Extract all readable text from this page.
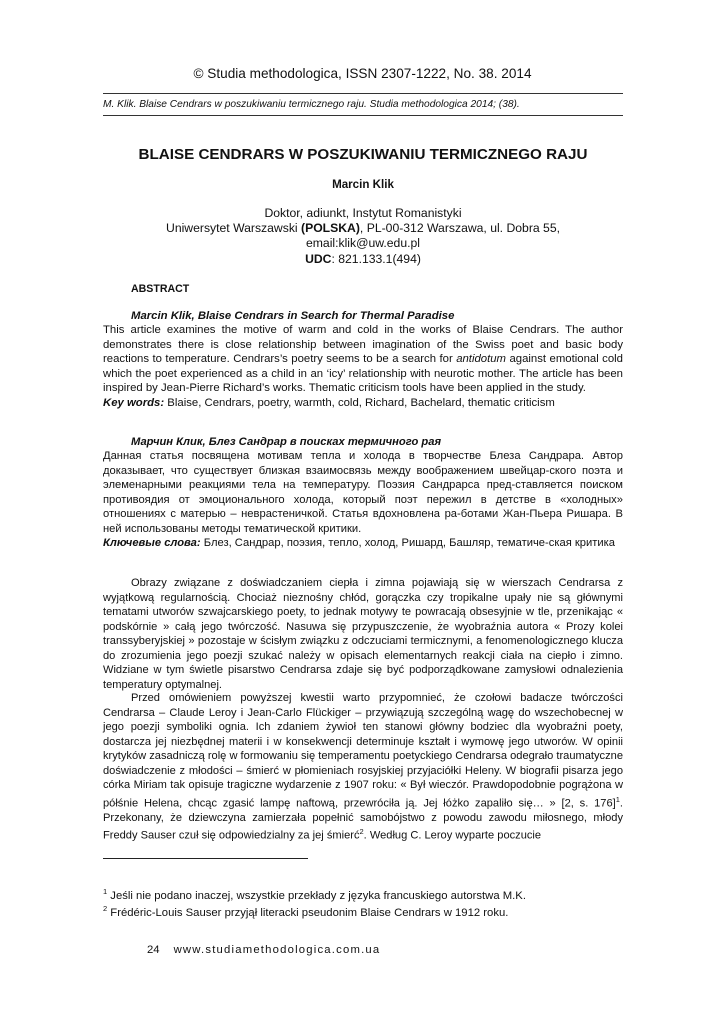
© Studia methodologica, ISSN 2307-1222, No. 38. 2014
M. Klik. Blaise Cendrars w poszukiwaniu termicznego raju. Studia methodologica 2014; (38).
BLAISE CENDRARS W POSZUKIWANIU TERMICZNEGO RAJU
Marcin Klik
Doktor, adiunkt, Instytut Romanistyki
Uniwersytet Warszawski (POLSKA), PL-00-312 Warszawa, ul. Dobra 55,
email:klik@uw.edu.pl
UDC: 821.133.1(494)
ABSTRACT
Marcin Klik, Blaise Cendrars in Search for Thermal Paradise
This article examines the motive of warm and cold in the works of Blaise Cendrars. The author demonstrates there is close relationship between imagination of the Swiss poet and basic body reactions to temperature. Cendrars’s poetry seems to be a search for antidotum against emotional cold which the poet experienced as a child in an ‘icy’ relationship with neurotic mother. The article has been inspired by Jean-Pierre Richard’s works. Thematic criticism tools have been applied in the study.
Key words: Blaise, Cendrars, poetry, warmth, cold, Richard, Bachelard, thematic criticism
Марчин Клик, Блез Сандрар в поисках термичного рая
Данная статья посвящена мотивам тепла и холода в творчестве Блеза Сандрара. Автор доказывает, что существует близкая взаимосвязь между воображением швейцар-ского поэта и элеменарными реакциями тела на температуру. Поэзия Сандрарса пред-ставляется поиском противоядия от эмоционального холода, который поэт пережил в детстве в «холодных» отношениях с матерью – неврастеничкой. Статья вдохновлена ра-ботами Жан-Пьера Ришара. В ней использованы методы тематической критики.
Ключевые слова: Блез, Сандрар, поэзия, тепло, холод, Ришард, Башляр, тематиче-ская критика
Obrazy związane z doświadczaniem ciepła i zimna pojawiają się w wierszach Cendrarsa z wyjątkową regularnością. Chociaż nieznośny chłód, gorączka czy tropikalne upały nie są głównymi tematami utworów szwajcarskiego poety, to jednak motywy te powracają obsesyjnie w tle, przenikając « podskórnie » całą jego twórczość. Nasuwa się przypuszczenie, że wyobraźnia autora « Prozy kolei transsyberyjskiej » pozostaje w ścisłym związku z odczuciami termicznymi, a fenomenologicznego klucza do zrozumienia jego poezji szukać należy w opisach elementarnych reakcji ciała na ciepło i zimno. Widziane w tym świetle pisarstwo Cendrarsa zdaje się być podporządkowane zamysłowi odnalezienia temperatury optymalnej.
Przed omówieniem powyższej kwestii warto przypomnieć, że czołowi badacze twórczości Cendrarsa – Claude Leroy i Jean-Carlo Flückiger – przywiązują szczególną wagę do wszechobecnej w jego poezji symboliki ognia. Ich zdaniem żywioł ten stanowi główny bodziec dla wyobraźni poety, dostarcza jej niezbędnej materii i w konsekwencji determinuje kształt i wymowę jego utworów. W opinii krytyków zasadniczą rolę w formowaniu się temperamentu poetyckiego Cendrarsa odegrało traumatyczne doświadczenie z młodości – śmierć w płomieniach rosyjskiej przyjaciółki Heleny. W biografii pisarza jego córka Miriam tak opisuje tragiczne wydarzenie z 1907 roku: « Był wieczór. Prawdopodobnie pogrążona w półśnie Helena, chcąc zgasić lampę naftową, przewróciła ją. Jej łóżko zapaliło się… » [2, s. 176]$^1$. Przekonany, że dziewczyna zamierzała popełnić samobójstwo z powodu zawodu miłosnego, młody Freddy Sauser czuł się odpowiedzialny za jej śmierć$^2$. Według C. Leroy wyparte poczucie
$^1$ Jeśli nie podano inaczej, wszystkie przekłady z języka francuskiego autorstwa M.K.
$^2$ Frédéric-Louis Sauser przyjął literacki pseudonim Blaise Cendrars w 1912 roku.
24 www.studiamethodologica.com.ua
